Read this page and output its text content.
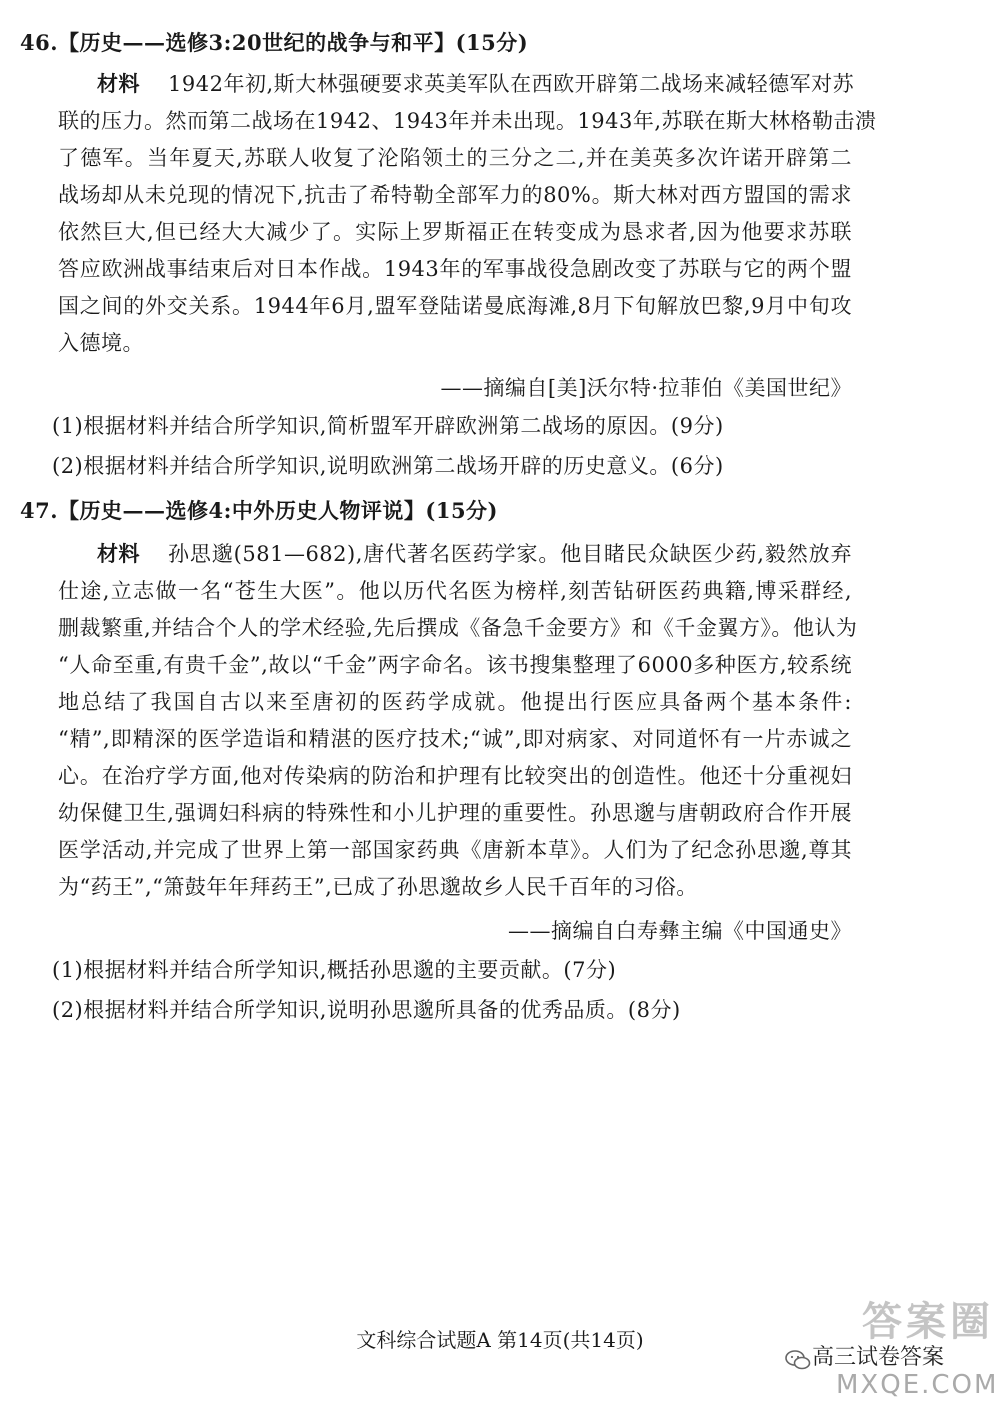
46.【历史——选修3:20世纪的战争与和平】(15分)
材料	1942年初,斯大林强硬要求英美军队在西欧开辟第二战场来减轻德军对苏
联的压力。然而第二战场在1942、1943年并未出现。1943年,苏联在斯大林格勒击溃
了德军。当年夏天,苏联人收复了沦陷领土的三分之二,并在美英多次许诺开辟第二
战场却从未兑现的情况下,抗击了希特勒全部军力的80%。斯大林对西方盟国的需求
依然巨大,但已经大大减少了。实际上罗斯福正在转变成为恳求者,因为他要求苏联
答应欧洲战事结束后对日本作战。1943年的军事战役急剧改变了苏联与它的两个盟
国之间的外交关系。1944年6月,盟军登陆诺曼底海滩,8月下旬解放巴黎,9月中旬攻
入德境。
——摘编自[美]沃尔特·拉菲伯《美国世纪》
(1)根据材料并结合所学知识,简析盟军开辟欧洲第二战场的原因。(9分)
(2)根据材料并结合所学知识,说明欧洲第二战场开辟的历史意义。(6分)
47.【历史——选修4:中外历史人物评说】(15分)
材料	孙思邈(581—682),唐代著名医药学家。他目睹民众缺医少药,毅然放弃
仕途,立志做一名“苍生大医”。他以历代名医为榜样,刻苦钻研医药典籍,博采群经,
删裁繁重,并结合个人的学术经验,先后撰成《备急千金要方》和《千金翼方》。他认为
“人命至重,有贵千金”,故以“千金”两字命名。该书搜集整理了6000多种医方,较系统
地总结了我国自古以来至唐初的医药学成就。他提出行医应具备两个基本条件:
“精”,即精深的医学造诣和精湛的医疗技术;“诚”,即对病家、对同道怀有一片赤诚之
心。在治疗学方面,他对传染病的防治和护理有比较突出的创造性。他还十分重视妇
幼保健卫生,强调妇科病的特殊性和小儿护理的重要性。孙思邈与唐朝政府合作开展
医学活动,并完成了世界上第一部国家药典《唐新本草》。人们为了纪念孙思邈,尊其
为“药王”,“箫鼓年年拜药王”,已成了孙思邈故乡人民千百年的习俗。
——摘编自白寿彝主编《中国通史》
(1)根据材料并结合所学知识,概括孙思邈的主要贡献。(7分)
(2)根据材料并结合所学知识,说明孙思邈所具备的优秀品质。(8分)
文科综合试题A 第14页(共14页)	答案圈
高三试卷答案
MXQE.COM
